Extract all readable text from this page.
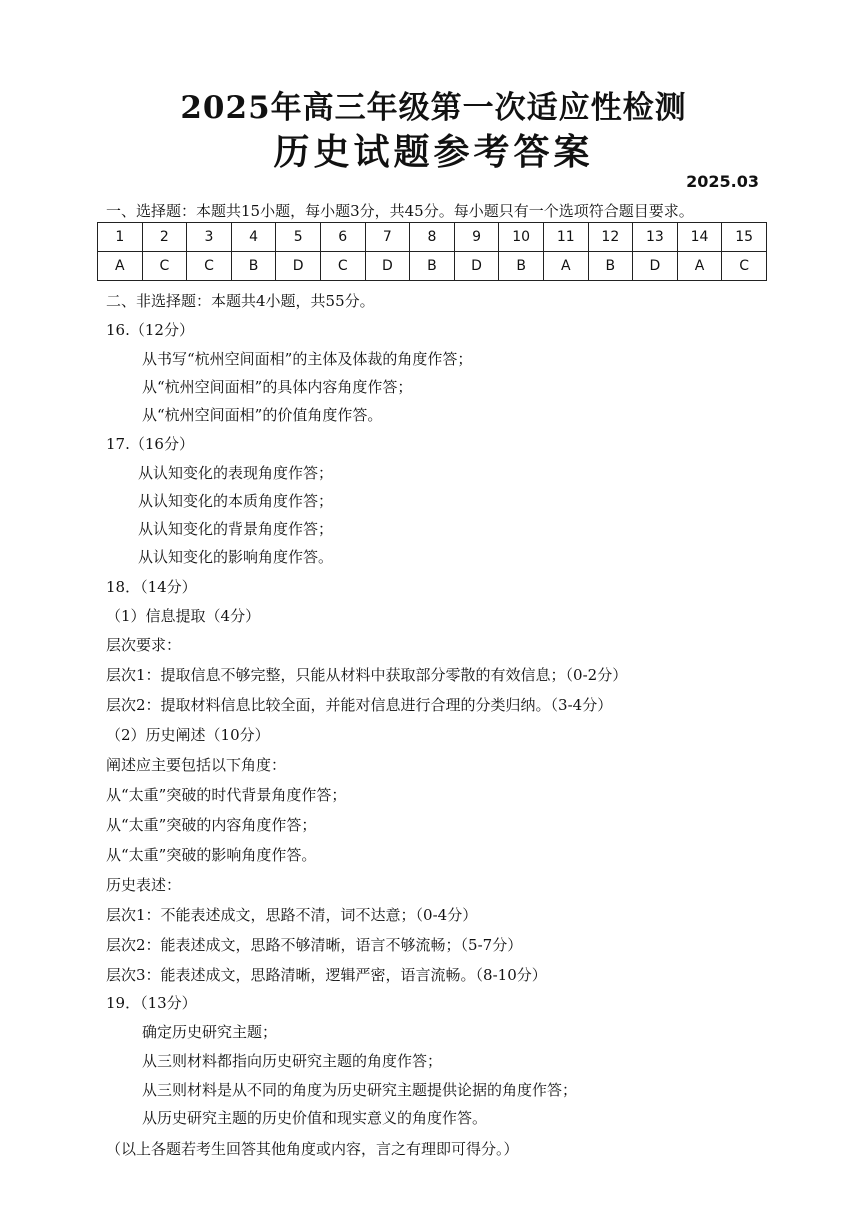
2025年高三年级第一次适应性检测
历史试题参考答案
2025.03
一、选择题：本题共15小题，每小题3分，共45分。每小题只有一个选项符合题目要求。
1	2	3	4	5	6	7	8	9	10	11	12	13	14	15
A	C	C	B	D	C	D	B	D	B	A	B	D	A	C
二、非选择题：本题共4小题，共55分。
16.（12分）
从书写“杭州空间面相”的主体及体裁的角度作答；
从“杭州空间面相”的具体内容角度作答；
从“杭州空间面相”的价值角度作答。
17.（16分）
从认知变化的表现角度作答；
从认知变化的本质角度作答；
从认知变化的背景角度作答；
从认知变化的影响角度作答。
18．（14分）
（1）信息提取（4分）
层次要求：
层次1：提取信息不够完整，只能从材料中获取部分零散的有效信息；（0-2分）
层次2：提取材料信息比较全面，并能对信息进行合理的分类归纳。（3-4分）
（2）历史阐述（10分）
阐述应主要包括以下角度：
从“太重”突破的时代背景角度作答；
从“太重”突破的内容角度作答；
从“太重”突破的影响角度作答。
历史表述：
层次1：不能表述成文，思路不清，词不达意；（0-4分）
层次2：能表述成文，思路不够清晰，语言不够流畅；（5-7分）
层次3：能表述成文，思路清晰，逻辑严密，语言流畅。（8-10分）
19．（13分）
确定历史研究主题；
从三则材料都指向历史研究主题的角度作答；
从三则材料是从不同的角度为历史研究主题提供论据的角度作答；
从历史研究主题的历史价值和现实意义的角度作答。
（以上各题若考生回答其他角度或内容，言之有理即可得分。）
